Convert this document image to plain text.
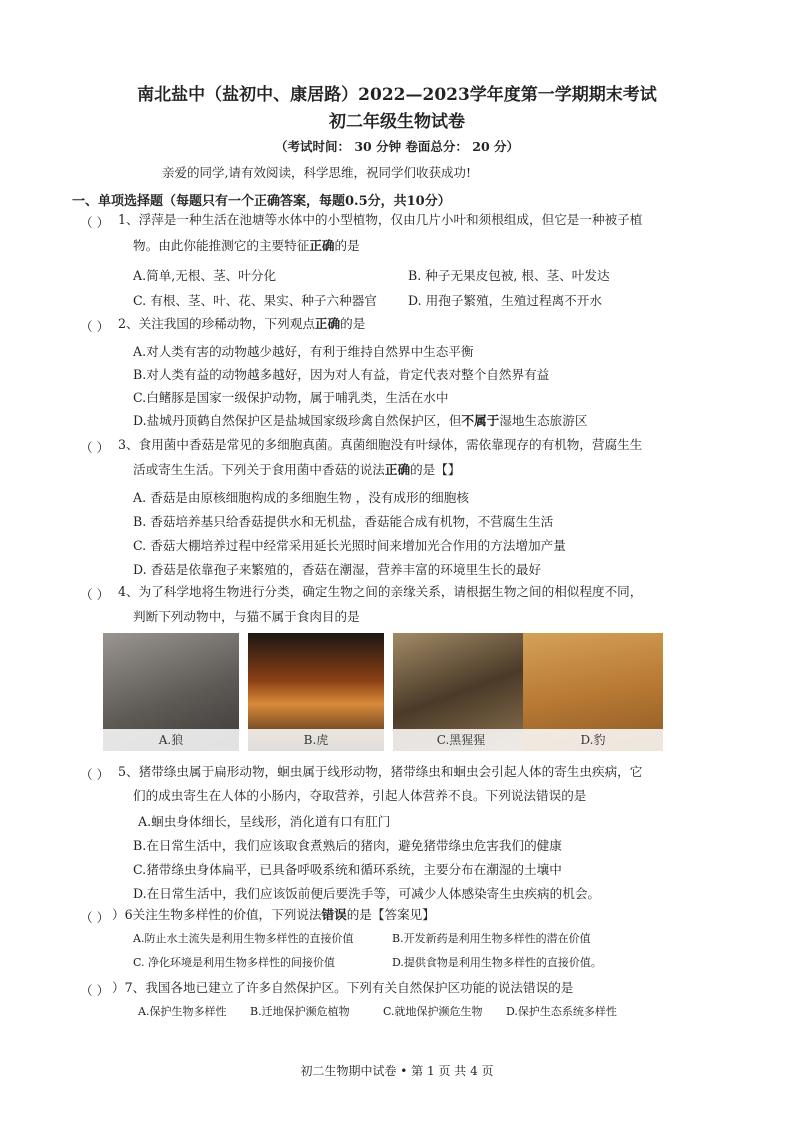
南北盐中（盐初中、康居路）2022—2023学年度第一学期期末考试
初二年级生物试卷
（考试时间： 30 分钟 卷面总分： 20 分）
亲爱的同学,请有效阅读，科学思维，祝同学们收获成功!
一、单项选择题（每题只有一个正确答案，每题0.5分，共10分）
（ ） 1、浮萍是一种生活在池塘等水体中的小型植物，仅由几片小叶和须根组成，但它是一种被子植
物。由此你能推测它的主要特征正确的是
A.简单,无根、茎、叶分化	B. 种子无果皮包被, 根、茎、叶发达
C. 有根、茎、叶、花、果实、种子六种器官 D. 用孢子繁殖，生殖过程离不开水
（ ） 2、关注我国的珍稀动物，下列观点正确的是
A.对人类有害的动物越少越好，有利于维持自然界中生态平衡
B.对人类有益的动物越多越好，因为对人有益，肯定代表对整个自然界有益
C.白鳍豚是国家一级保护动物，属于哺乳类，生活在水中
D.盐城丹顶鹤自然保护区是盐城国家级珍禽自然保护区，但不属于湿地生态旅游区
（ ） 3、食用菌中香菇是常见的多细胞真菌。真菌细胞没有叶绿体，需依靠现存的有机物，营腐生生
活或寄生生活。下列关于食用菌中香菇的说法正确的是【】
A. 香菇是由原核细胞构成的多细胞生物 ，没有成形的细胞核
B. 香菇培养基只给香菇提供水和无机盐，香菇能合成有机物，不营腐生生活
C. 香菇大棚培养过程中经常采用延长光照时间来增加光合作用的方法增加产量
D. 香菇是依靠孢子来繁殖的，香菇在潮湿，营养丰富的环境里生长的最好
（ ） 4、为了科学地将生物进行分类，确定生物之间的亲缘关系，请根据生物之间的相似程度不同，
判断下列动物中，与猫不属于食肉目的是
A.狼	B.虎	C.黑猩猩	D.豹
（ ） 5、猪带绦虫属于扁形动物，蛔虫属于线形动物，猪带绦虫和蛔虫会引起人体的寄生虫疾病，它
们的成虫寄生在人体的小肠内，夺取营养，引起人体营养不良。下列说法错误的是
A.蛔虫身体细长，呈线形，消化道有口有肛门
B.在日常生活中，我们应该取食煮熟后的猪肉，避免猪带绦虫危害我们的健康
C.猪带绦虫身体扁平，已具备呼吸系统和循环系统，主要分布在潮湿的土壤中
D.在日常生活中，我们应该饭前便后要洗手等，可减少人体感染寄生虫疾病的机会。
（ ） ）6关注生物多样性的价值，下列说法错误的是【答案见】
A.防止水土流失是利用生物多样性的直接价值	B.开发新药是利用生物多样性的潜在价值
C. 净化环境是利用生物多样性的间接价值	D.提供食物是利用生物多样性的直接价值。
（ ） ）7、我国各地已建立了许多自然保护区。下列有关自然保护区功能的说法错误的是
A.保护生物多样性 B.迁地保护濒危植物	C.就地保护濒危生物 D.保护生态系统多样性
初二生物期中试卷 • 第 1 页 共 4 页
